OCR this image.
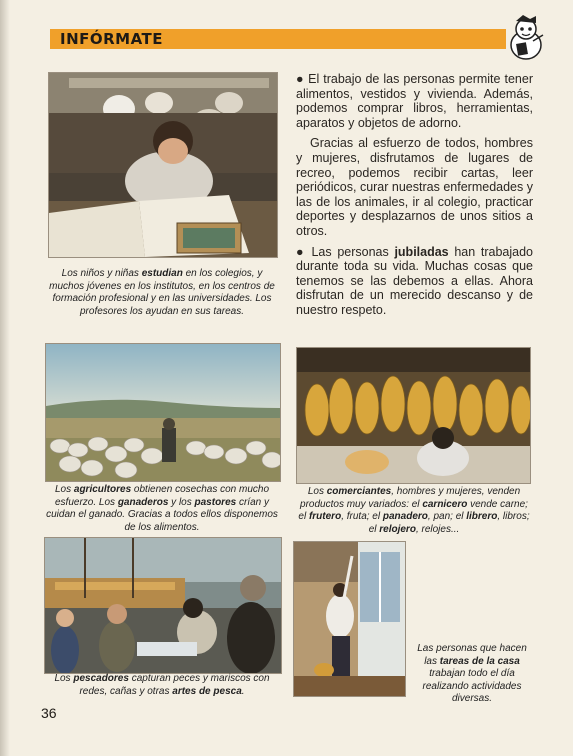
INFÓRMATE
Los niños y niñas estudian en los colegios, y muchos jóvenes en los institutos, en los centros de formación profesional y en las universidades. Los profesores los ayudan en sus tareas.

● El trabajo de las personas permite tener alimentos, vestidos y vivienda. Además, podemos comprar libros, herramientas, aparatos y objetos de adorno.

Gracias al esfuerzo de todos, hombres y mujeres, disfrutamos de lugares de recreo, podemos recibir cartas, leer periódicos, curar nuestras enfermedades y las de los animales, ir al colegio, practicar deportes y desplazarnos de unos sitios a otros.

● Las personas jubiladas han trabajado durante toda su vida. Muchas cosas que tenemos se las debemos a ellas. Ahora disfrutan de un merecido descanso y de nuestro respeto.

Los agricultores obtienen cosechas con mucho esfuerzo. Los ganaderos y los pastores crían y cuidan el ganado. Gracias a todos ellos disponemos de los alimentos.
Los comerciantes, hombres y mujeres, venden productos muy variados: el carnicero vende carne; el frutero, fruta; el panadero, pan; el librero, libros; el relojero, relojes...
Los pescadores capturan peces y mariscos con redes, cañas y otras artes de pesca.
Las personas que hacen las tareas de la casa trabajan todo el día realizando actividades diversas.
36
